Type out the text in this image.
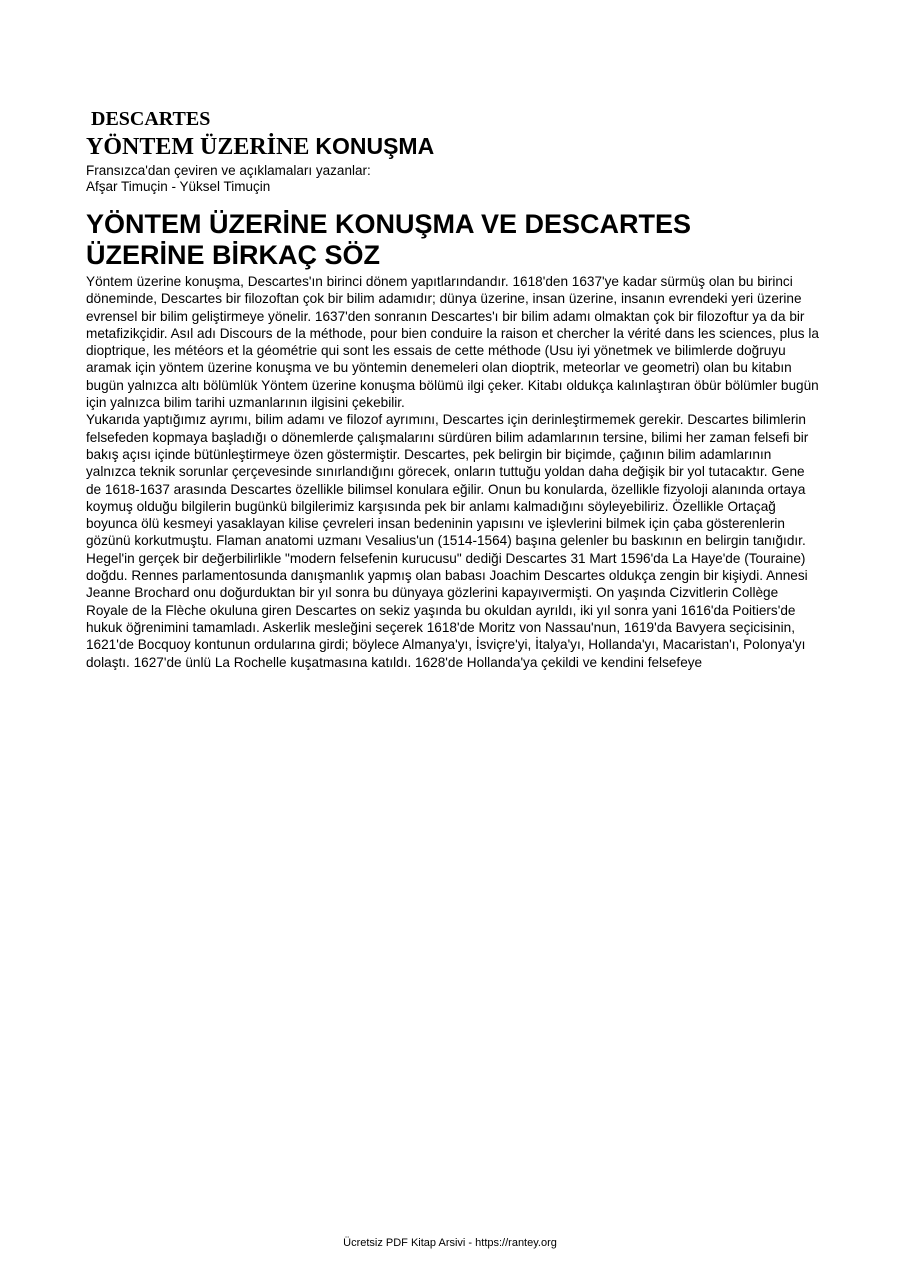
DESCARTES
YÖNTEM ÜZERİNE KONUŞMA

Fransızca'dan çeviren ve açıklamaları yazanlar:

Afşar Timuçin - Yüksel Timuçin

YÖNTEM ÜZERİNE KONUŞMA VE DESCARTES
ÜZERİNE BİRKAÇ SÖZ

Yöntem üzerine konuşma, Descartes'ın birinci dönem yapıtlarındandır. 1618'den 1637'ye kadar sürmüş olan bu birinci döneminde, Descartes bir filozoftan çok bir bilim adamıdır; dünya üzerine, insan üzerine, insanın evrendeki yeri üzerine evrensel bir bilim geliştirmeye yönelir. 1637'den sonranın Descartes'ı bir bilim adamı olmaktan çok bir filozoftur ya da bir metafizikçidir. Asıl adı Discours de la méthode, pour bien conduire la raison et chercher la vérité dans les sciences, plus la dioptrique, les météors et la géométrie qui sont les essais de cette méthode (Usu iyi yönetmek ve bilimlerde doğruyu aramak için yöntem üzerine konuşma ve bu yöntemin denemeleri olan dioptrik, meteorlar ve geometri) olan bu kitabın bugün yalnızca altı bölümlük Yöntem üzerine konuşma bölümü ilgi çeker. Kitabı oldukça kalınlaştıran öbür bölümler bugün için yalnızca bilim tarihi uzmanlarının ilgisini çekebilir.

Yukarıda yaptığımız ayrımı, bilim adamı ve filozof ayrımını, Descartes için derinleştirmemek gerekir. Descartes bilimlerin felsefeden kopmaya başladığı o dönemlerde çalışmalarını sürdüren bilim adamlarının tersine, bilimi her zaman felsefi bir bakış açısı içinde bütünleştirmeye özen göstermiştir. Descartes, pek belirgin bir biçimde, çağının bilim adamlarının yalnızca teknik sorunlar çerçevesinde sınırlandığını görecek, onların tuttuğu yoldan daha değişik bir yol tutacaktır. Gene de 1618-1637 arasında Descartes özellikle bilimsel konulara eğilir. Onun bu konularda, özellikle fizyoloji alanında ortaya koymuş olduğu bilgilerin bugünkü bilgilerimiz karşısında pek bir anlamı kalmadığını söyleyebiliriz. Özellikle Ortaçağ boyunca ölü kesmeyi yasaklayan kilise çevreleri insan bedeninin yapısını ve işlevlerini bilmek için çaba gösterenlerin gözünü korkutmuştu. Flaman anatomi uzmanı Vesalius'un (1514-1564) başına gelenler bu baskının en belirgin tanığıdır.

Hegel'in gerçek bir değerbilirlikle "modern felsefenin kurucusu" dediği Descartes 31 Mart 1596'da La Haye'de (Touraine) doğdu. Rennes parlamentosunda danışmanlık yapmış olan babası Joachim Descartes oldukça zengin bir kişiydi. Annesi Jeanne Brochard onu doğurduktan bir yıl sonra bu dünyaya gözlerini kapayıvermişti. On yaşında Cizvitlerin Collège Royale de la Flèche okuluna giren Descartes on sekiz yaşında bu okuldan ayrıldı, iki yıl sonra yani 1616'da Poitiers'de hukuk öğrenimini tamamladı. Askerlik mesleğini seçerek 1618'de Moritz von Nassau'nun, 1619'da Bavyera seçicisinin, 1621'de Bocquoy kontunun ordularına girdi; böylece Almanya'yı, İsviçre'yi, İtalya'yı, Hollanda'yı, Macaristan'ı, Polonya'yı dolaştı. 1627'de ünlü La Rochelle kuşatmasına katıldı. 1628'de Hollanda'ya çekildi ve kendini felsefeye

Ücretsiz PDF Kitap Arsivi - https://rantey.org
